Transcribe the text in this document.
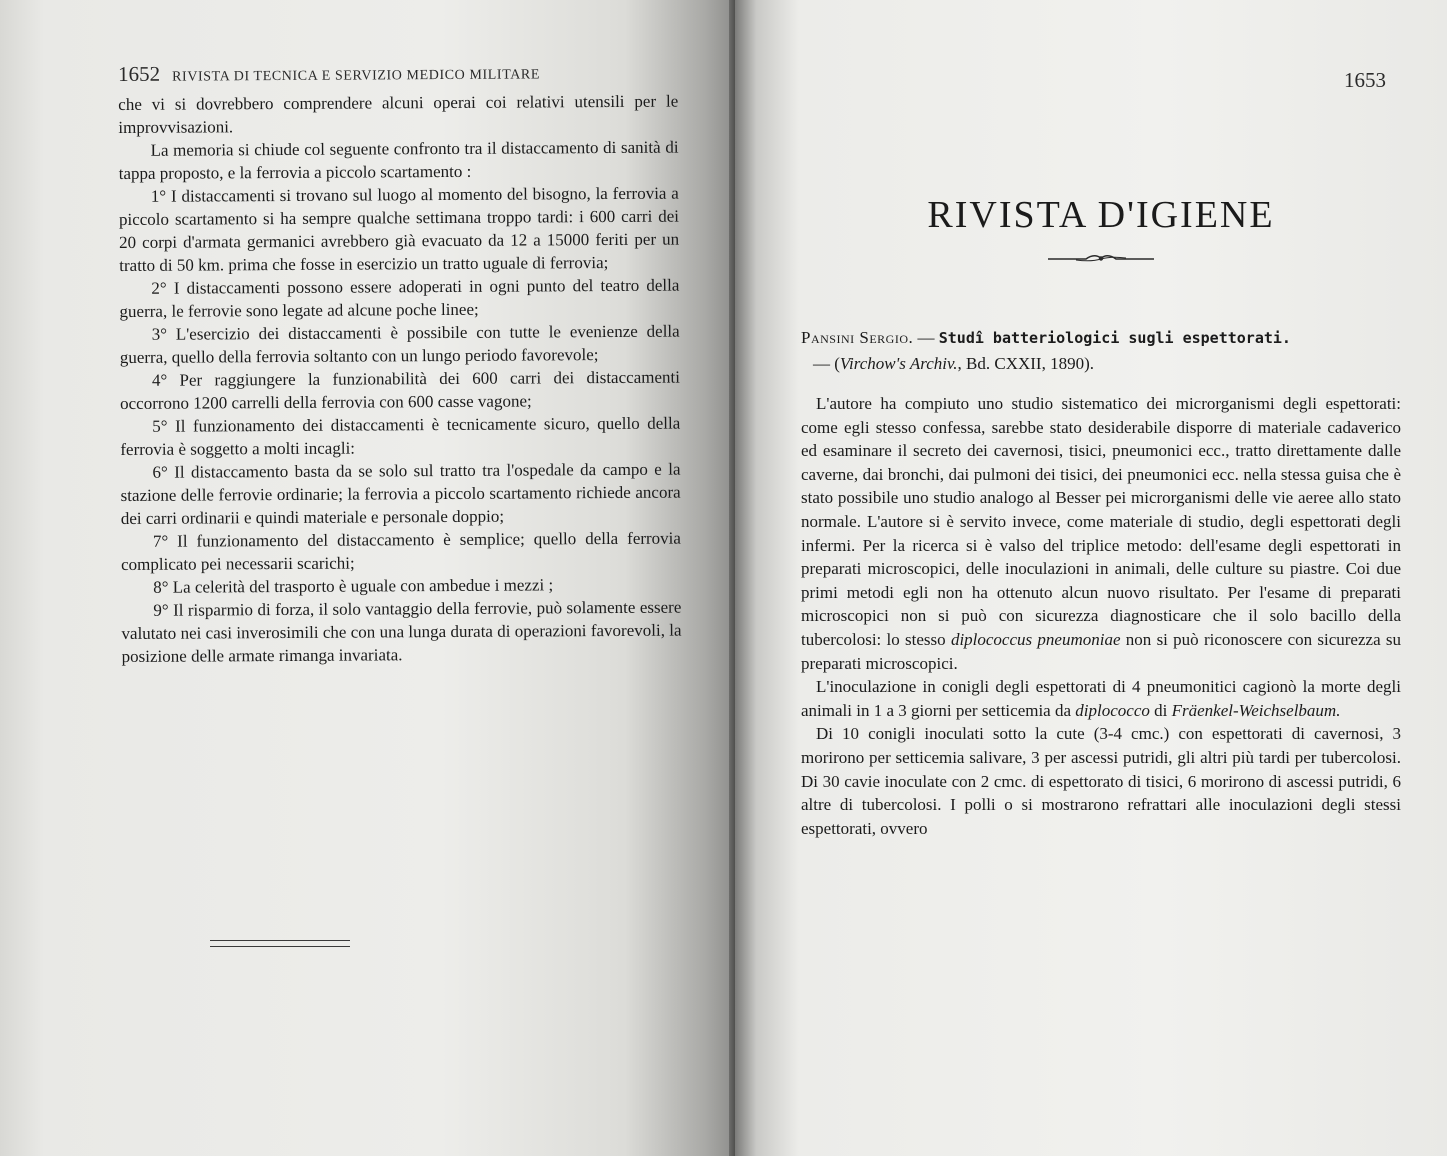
1652 RIVISTA DI TECNICA E SERVIZIO MEDICO MILITARE

che vi si dovrebbero comprendere alcuni operai coi relativi utensili per le improvvisazioni.

La memoria si chiude col seguente confronto tra il distaccamento di sanità di tappa proposto, e la ferrovia a piccolo scartamento :

1° I distaccamenti si trovano sul luogo al momento del bisogno, la ferrovia a piccolo scartamento si ha sempre qualche settimana troppo tardi: i 600 carri dei 20 corpi d'armata germanici avrebbero già evacuato da 12 a 15000 feriti per un tratto di 50 km. prima che fosse in esercizio un tratto uguale di ferrovia;

2° I distaccamenti possono essere adoperati in ogni punto del teatro della guerra, le ferrovie sono legate ad alcune poche linee;

3° L'esercizio dei distaccamenti è possibile con tutte le evenienze della guerra, quello della ferrovia soltanto con un lungo periodo favorevole;

4° Per raggiungere la funzionabilità dei 600 carri dei distaccamenti occorrono 1200 carrelli della ferrovia con 600 casse vagone;

5° Il funzionamento dei distaccamenti è tecnicamente sicuro, quello della ferrovia è soggetto a molti incagli:

6° Il distaccamento basta da se solo sul tratto tra l'ospedale da campo e la stazione delle ferrovie ordinarie; la ferrovia a piccolo scartamento richiede ancora dei carri ordinarii e quindi materiale e personale doppio;

7° Il funzionamento del distaccamento è semplice; quello della ferrovia complicato pei necessarii scarichi;

8° La celerità del trasporto è uguale con ambedue i mezzi ;

9° Il risparmio di forza, il solo vantaggio della ferrovie, può solamente essere valutato nei casi inverosimili che con una lunga durata di operazioni favorevoli, la posizione delle armate rimanga invariata.

1653
RIVISTA D'IGIENE
Pansini Sergio. — Studî batteriologici sugli espettorati.
— (Virchow's Archiv., Bd. CXXII, 1890).

L'autore ha compiuto uno studio sistematico dei microrganismi degli espettorati: come egli stesso confessa, sarebbe stato desiderabile disporre di materiale cadaverico ed esaminare il secreto dei cavernosi, tisici, pneumonici ecc., tratto direttamente dalle caverne, dai bronchi, dai pulmoni dei tisici, dei pneumonici ecc. nella stessa guisa che è stato possibile uno studio analogo al Besser pei microrganismi delle vie aeree allo stato normale. L'autore si è servito invece, come materiale di studio, degli espettorati degli infermi. Per la ricerca si è valso del triplice metodo: dell'esame degli espettorati in preparati microscopici, delle inoculazioni in animali, delle culture su piastre. Coi due primi metodi egli non ha ottenuto alcun nuovo risultato. Per l'esame di preparati microscopici non si può con sicurezza diagnosticare che il solo bacillo della tubercolosi: lo stesso diplococcus pneumoniae non si può riconoscere con sicurezza su preparati microscopici.

L'inoculazione in conigli degli espettorati di 4 pneumonitici cagionò la morte degli animali in 1 a 3 giorni per setticemia da diplococco di Fräenkel-Weichselbaum.

Di 10 conigli inoculati sotto la cute (3-4 cmc.) con espettorati di cavernosi, 3 morirono per setticemia salivare, 3 per ascessi putridi, gli altri più tardi per tubercolosi. Di 30 cavie inoculate con 2 cmc. di espettorato di tisici, 6 morirono di ascessi putridi, 6 altre di tubercolosi. I polli o si mostrarono refrattari alle inoculazioni degli stessi espettorati, ovvero
